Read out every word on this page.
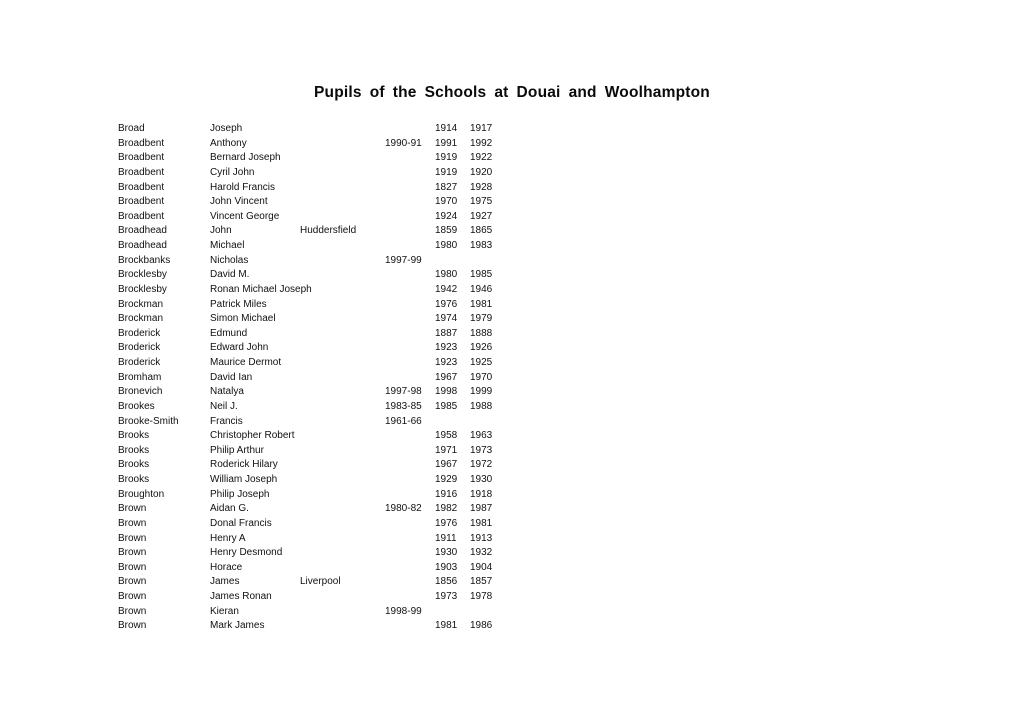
Pupils of the Schools at Douai and Woolhampton
Broad	Joseph	1914	1917
Broadbent	Anthony	1990-91	1991	1992
Broadbent	Bernard Joseph	1919	1922
Broadbent	Cyril John	1919	1920
Broadbent	Harold Francis	1827	1928
Broadbent	John Vincent	1970	1975
Broadbent	Vincent George	1924	1927
Broadhead	John	Huddersfield	1859	1865
Broadhead	Michael	1980	1983
Brockbanks	Nicholas	1997-99
Brocklesby	David M.	1980	1985
Brocklesby	Ronan Michael Joseph	1942	1946
Brockman	Patrick Miles	1976	1981
Brockman	Simon Michael	1974	1979
Broderick	Edmund	1887	1888
Broderick	Edward John	1923	1926
Broderick	Maurice Dermot	1923	1925
Bromham	David Ian	1967	1970
Bronevich	Natalya	1997-98	1998	1999
Brookes	Neil J.	1983-85	1985	1988
Brooke-Smith	Francis	1961-66
Brooks	Christopher Robert	1958	1963
Brooks	Philip Arthur	1971	1973
Brooks	Roderick Hilary	1967	1972
Brooks	William Joseph	1929	1930
Broughton	Philip Joseph	1916	1918
Brown	Aidan G.	1980-82	1982	1987
Brown	Donal Francis	1976	1981
Brown	Henry A	1911	1913
Brown	Henry Desmond	1930	1932
Brown	Horace	1903	1904
Brown	James	Liverpool	1856	1857
Brown	James Ronan	1973	1978
Brown	Kieran	1998-99
Brown	Mark James	1981	1986
